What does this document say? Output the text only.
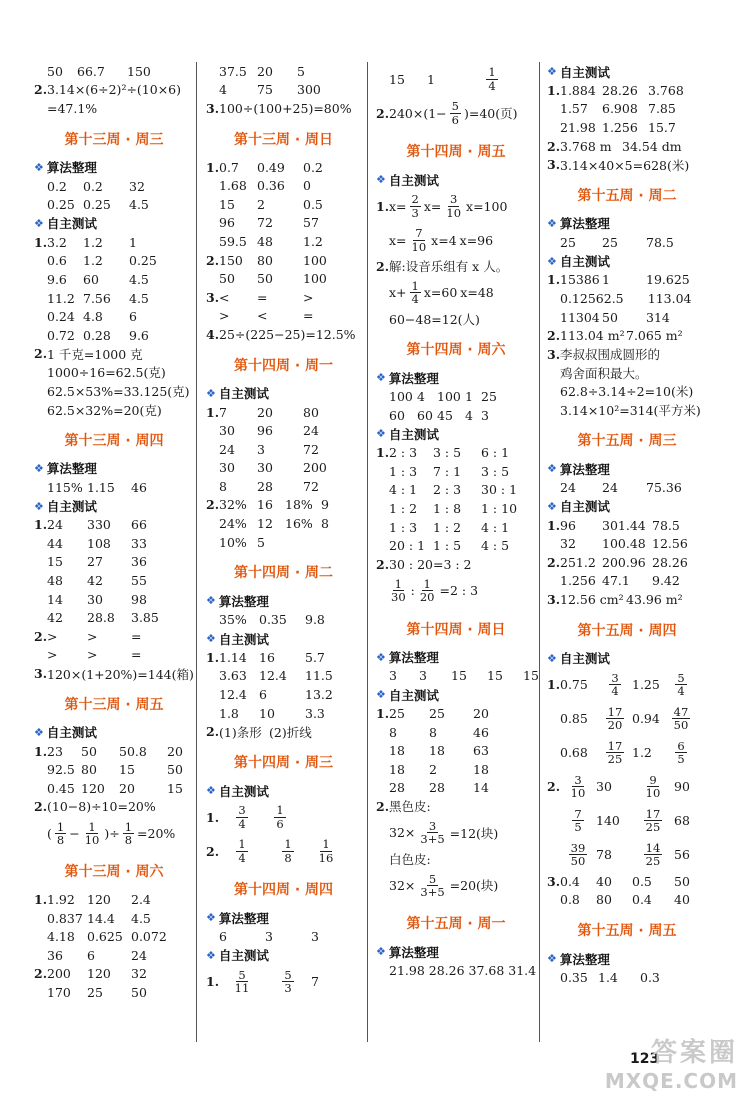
50	66.7	150
2. 3.14×(6÷2)²÷(10×6)
=47.1%
第十三周 · 周三
❖ 算法整理
0.2	0.2	32
0.25 0.25	4.5
❖ 自主测试
1. 3.2	1.2	1
0.6	1.2	0.25
9.6	60	4.5
11.2 7.56	4.5
0.24 4.8	6
0.72 0.28	9.6
2. 1 千克=1000 克
1000÷16=62.5(克)
62.5×53%=33.125(克)
62.5×32%=20(克)
第十三周 · 周四
❖ 算法整理
115% 1.15	46
❖ 自主测试
1. 24	330	66
44	108	33
15	27	36
48	42	55
14	30	98
42	28.8	3.85
2. >	>	=
>	>	=
3. 120×(1+20%)=144(箱)
第十三周 · 周五
❖ 自主测试
1. 23	50	50.8	20
92.5 80	15	50
0.45 120	20	15
2. (10−8)÷10=20%
( $\frac{1}{8} - \frac{1}{10}$ )÷ $\frac{1}{8} =20\%$
第十三周 · 周六
1. 1.92 120	2.4
0.837 14.4	4.5
4.18 0.625 0.072
36	6	24
2. 200	120	32
170	25	50
37.5 20	5
4	75	300
3. 100÷(100+25)=80%
第十三周 · 周日
1. 0.7	0.49	0.2
1.68 0.36	0
15	2	0.5
96	72	57
59.5 48	1.2
2. 150	80	100
50	50	100
3. <	=	>
>	<	=
4. 25÷(225−25)=12.5%
第十四周 · 周一
❖ 自主测试
1. 7	20	80
30	96	24
24	3	72
30	30	200
8	28	72
2. 32% 16 18% 9
24% 12 16% 8
10% 5
第十四周 · 周二
❖ 算法整理
35% 0.35	9.8
❖ 自主测试
1. 1.14 16	5.7
3.63 12.4	11.5
12.4 6	13.2
1.8	10	3.3
2. (1)条形 (2)折线
第十四周 · 周三
❖ 自主测试
1. $\frac{3}{4} \frac{1}{6}$
2. $\frac{1}{4} \frac{1}{8} \frac{1}{16}$
第十四周 · 周四
❖ 算法整理
6	3	3
❖ 自主测试
1. $\frac{5}{11} \frac{5}{3} 7$
15	1	$\frac{1}{4}$
2. $240\times(1- \frac{5}{6} )=40$(页)
第十四周 · 周五
❖ 自主测试
1. $x= \frac{2}{3} x= \frac{3}{10} x=100$
$x= \frac{7}{10} x=4$ x=96
2. 解:设音乐组有 x 人。
$x+ \frac{1}{4} x=60$ x=48
60−48=12(人)
第十四周 · 周六
❖ 算法整理
100 4 100 1 25
60 60 45 4 3
❖ 自主测试
1. 2 : 3	3 : 5	6 : 1
1 : 3	7 : 1	3 : 5
4 : 1	2 : 3	30 : 1
1 : 2	1 : 8	1 : 10
1 : 3	1 : 2	4 : 1
20 : 1 1 : 5	4 : 5
2. 30 : 20=3 : 2
$\frac{1}{30}$ : $\frac{1}{20} =2$ : 3
第十四周 · 周日
❖ 算法整理
3	3	15	15	15
❖ 自主测试
1. 25	25	20
8	8	46
18	18	63
18	2	18
28	28	14
2. 黑色皮:
$32\times \frac{3}{3+5} =12$(块)
白色皮:
$32\times \frac{5}{3+5} =20$(块)
第十五周 · 周一
❖ 算法整理
21.98 28.26 37.68 31.4
❖ 自主测试
1. 1.884 28.26 3.768
1.57	6.908 7.85
21.98 1.256 15.7
2. 3.768 m 34.54 dm
3. 3.14×40×5=628(米)
第十五周 · 周二
❖ 算法整理
25	25	78.5
❖ 自主测试
1. 15386 1	19.625
0.1256 2.5	113.04
11304 50	314
2. 113.04 m² 7.065 m²
3. 李叔叔围成圆形的
鸡舍面积最大。
62.8÷3.14÷2=10(米)
3.14×10²=314(平方米)
第十五周 · 周三
❖ 算法整理
24	24	75.36
❖ 自主测试
1. 96	301.44 78.5
32	100.48 12.56
2. 251.2 200.96 28.26
1.256 47.1	9.42
3. 12.56 cm² 43.96 m²
第十五周 · 周四
❖ 自主测试
1. $0.75 \frac{3}{4} 1.25 \frac{5}{4}$
$0.85 \frac{17}{20} 0.94 \frac{47}{50}$
$0.68 \frac{17}{25} 1.2$	$\frac{6}{5}$
2. $\frac{3}{10} 30$	$\frac{9}{10} 90$
$\frac{7}{5} 140$	$\frac{17}{25} 68$
$\frac{39}{50} 78$	$\frac{14}{25} 56$
3. 0.4	40	0.5	50
0.8	80	0.4	40
第十五周 · 周五
❖ 算法整理
0.35 1.4	0.3
123
答案圈
MXQE.COM
